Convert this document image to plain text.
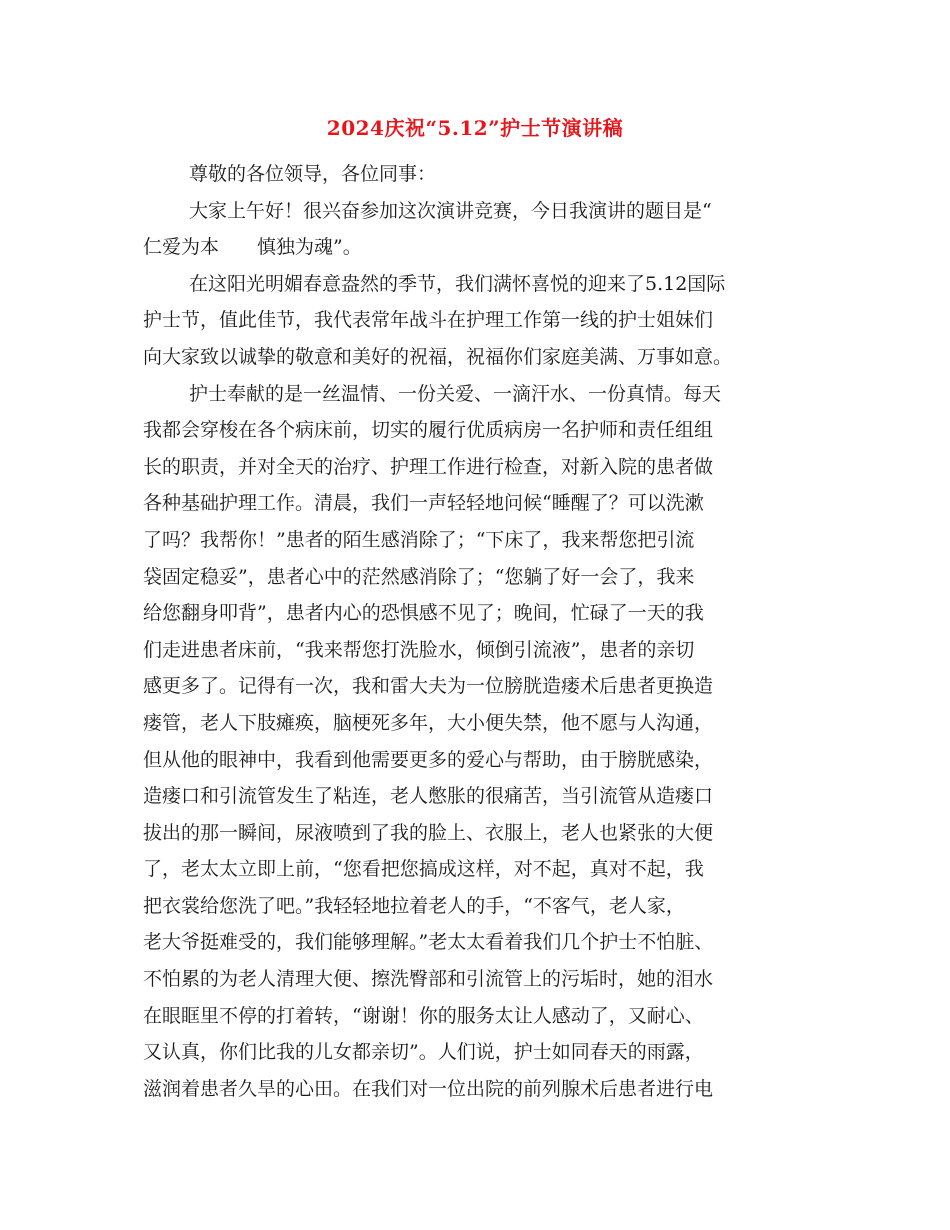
2024庆祝“5.12”护士节演讲稿
尊敬的各位领导，各位同事：
大家上午好！很兴奋参加这次演讲竞赛，今日我演讲的题目是“
仁爱为本　　慎独为魂”。
在这阳光明媚春意盎然的季节，我们满怀喜悦的迎来了5.12国际
护士节，值此佳节，我代表常年战斗在护理工作第一线的护士姐妹们
向大家致以诚挚的敬意和美好的祝福，祝福你们家庭美满、万事如意。
护士奉献的是一丝温情、一份关爱、一滴汗水、一份真情。每天
我都会穿梭在各个病床前，切实的履行优质病房一名护师和责任组组
长的职责，并对全天的治疗、护理工作进行检查，对新入院的患者做
各种基础护理工作。清晨，我们一声轻轻地问候“睡醒了？可以洗漱
了吗？我帮你！”患者的陌生感消除了；“下床了，我来帮您把引流
袋固定稳妥”，患者心中的茫然感消除了；“您躺了好一会了，我来
给您翻身叩背”，患者内心的恐惧感不见了；晚间，忙碌了一天的我
们走进患者床前，“我来帮您打洗脸水，倾倒引流液”，患者的亲切
感更多了。记得有一次，我和雷大夫为一位膀胱造瘘术后患者更换造
瘘管，老人下肢瘫痪，脑梗死多年，大小便失禁，他不愿与人沟通，
但从他的眼神中，我看到他需要更多的爱心与帮助，由于膀胱感染，
造瘘口和引流管发生了粘连，老人憋胀的很痛苦，当引流管从造瘘口
拔出的那一瞬间，尿液喷到了我的脸上、衣服上，老人也紧张的大便
了，老太太立即上前，“您看把您搞成这样，对不起，真对不起，我
把衣裳给您洗了吧。”我轻轻地拉着老人的手，“不客气，老人家，
老大爷挺难受的，我们能够理解。”老太太看着我们几个护士不怕脏、
不怕累的为老人清理大便、擦洗臀部和引流管上的污垢时，她的泪水
在眼眶里不停的打着转，“谢谢！你的服务太让人感动了，又耐心、
又认真，你们比我的儿女都亲切”。人们说，护士如同春天的雨露，
滋润着患者久旱的心田。在我们对一位出院的前列腺术后患者进行电
